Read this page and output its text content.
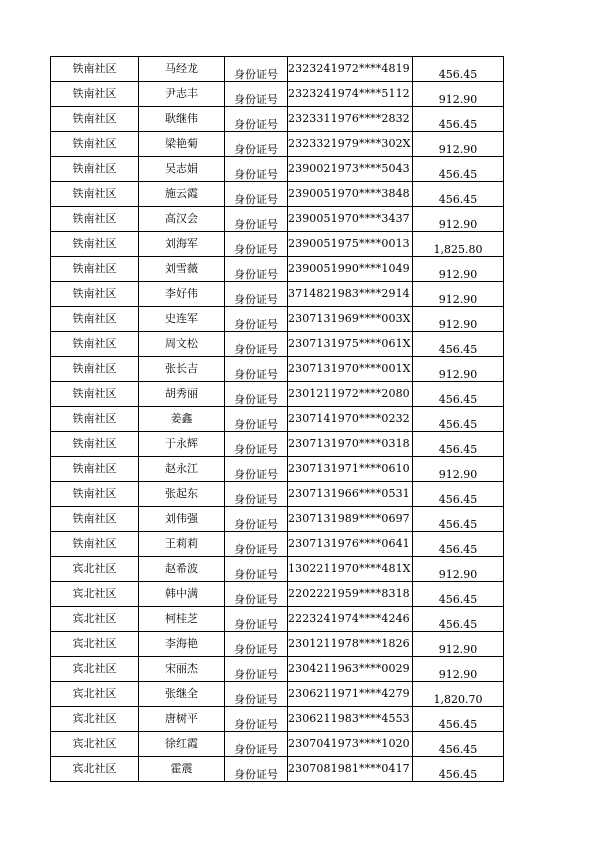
铁南社区	马经龙	身份证号	2323241972****4819	456.45
铁南社区	尹志丰	身份证号	2323241974****5112	912.90
铁南社区	耿继伟	身份证号	2323311976****2832	456.45
铁南社区	梁艳菊	身份证号	2323321979****302X	912.90
铁南社区	吴志娟	身份证号	2390021973****5043	456.45
铁南社区	施云霞	身份证号	2390051970****3848	456.45
铁南社区	高汉会	身份证号	2390051970****3437	912.90
铁南社区	刘海军	身份证号	2390051975****0013	1,825.80
铁南社区	刘雪薇	身份证号	2390051990****1049	912.90
铁南社区	李好伟	身份证号	3714821983****2914	912.90
铁南社区	史连军	身份证号	2307131969****003X	912.90
铁南社区	周文松	身份证号	2307131975****061X	456.45
铁南社区	张长吉	身份证号	2307131970****001X	912.90
铁南社区	胡秀丽	身份证号	2301211972****2080	456.45
铁南社区	姜鑫	身份证号	2307141970****0232	456.45
铁南社区	于永辉	身份证号	2307131970****0318	456.45
铁南社区	赵永江	身份证号	2307131971****0610	912.90
铁南社区	张起东	身份证号	2307131966****0531	456.45
铁南社区	刘伟强	身份证号	2307131989****0697	456.45
铁南社区	王莉莉	身份证号	2307131976****0641	456.45
宾北社区	赵希波	身份证号	1302211970****481X	912.90
宾北社区	韩中满	身份证号	2202221959****8318	456.45
宾北社区	柯桂芝	身份证号	2223241974****4246	456.45
宾北社区	李海艳	身份证号	2301211978****1826	912.90
宾北社区	宋丽杰	身份证号	2304211963****0029	912.90
宾北社区	张继全	身份证号	2306211971****4279	1,820.70
宾北社区	唐树平	身份证号	2306211983****4553	456.45
宾北社区	徐红霞	身份证号	2307041973****1020	456.45
宾北社区	霍震	身份证号	2307081981****0417	456.45
